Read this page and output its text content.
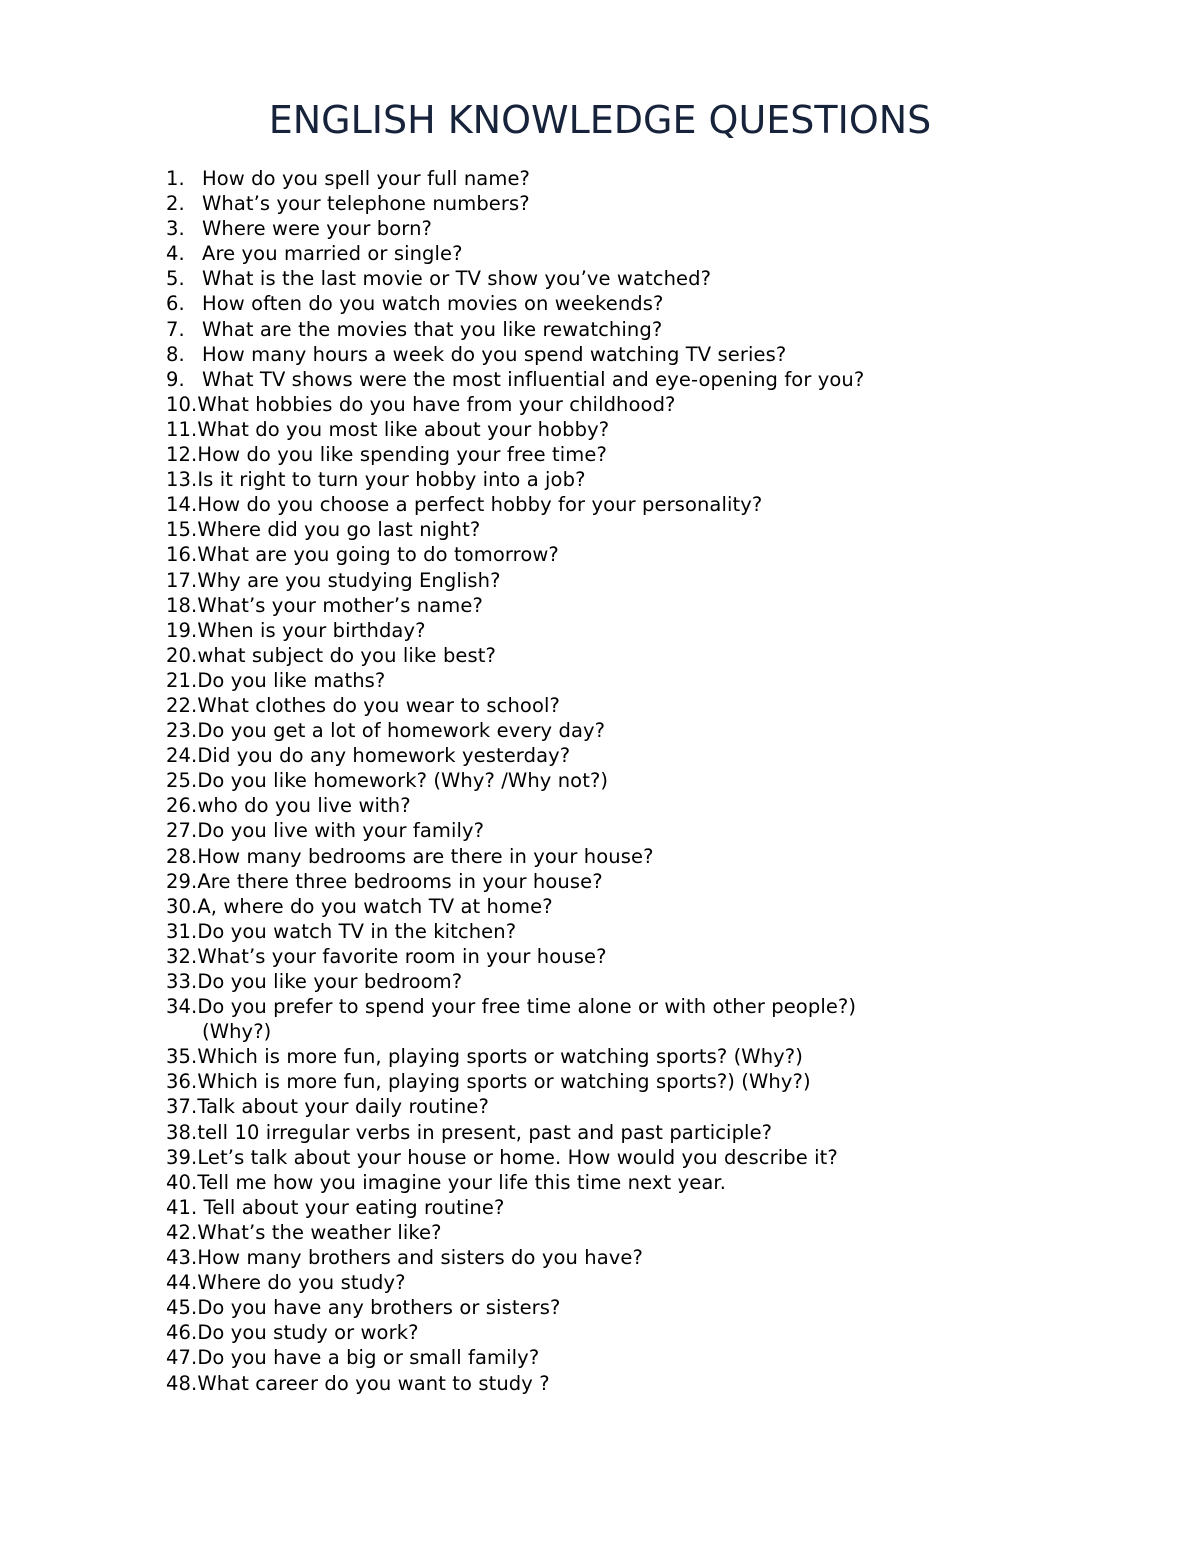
ENGLISH KNOWLEDGE QUESTIONS
1. How do you spell your full name?
2. What’s your telephone numbers?
3. Where were your born?
4. Are you married or single?
5. What is the last movie or TV show you’ve watched?
6. How often do you watch movies on weekends?
7. What are the movies that you like rewatching?
8. How many hours a week do you spend watching TV series?
9. What TV shows were the most influential and eye-opening for you?
10.What hobbies do you have from your childhood?
11.What do you most like about your hobby?
12.How do you like spending your free time?
13.Is it right to turn your hobby into a job?
14.How do you choose a perfect hobby for your personality?
15.Where did you go last night?
16.What are you going to do tomorrow?
17.Why are you studying English?
18.What’s your mother’s name?
19.When is your birthday?
20.what subject do you like best?
21.Do you like maths?
22.What clothes do you wear to school?
23.Do you get a lot of homework every day?
24.Did you do any homework yesterday?
25.Do you like homework? (Why? /Why not?)
26.who do you live with?
27.Do you live with your family?
28.How many bedrooms are there in your house?
29.Are there three bedrooms in your house?
30.A, where do you watch TV at home?
31.Do you watch TV in the kitchen?
32.What’s your favorite room in your house?
33.Do you like your bedroom?
34.Do you prefer to spend your free time alone or with other people?)
(Why?)
35.Which is more fun, playing sports or watching sports? (Why?)
36.Which is more fun, playing sports or watching sports?) (Why?)
37.Talk about your daily routine?
38.tell 10 irregular verbs in present, past and past participle?
39.Let’s talk about your house or home. How would you describe it?
40.Tell me how you imagine your life this time next year.
41. Tell about your eating routine?
42.What’s the weather like?
43.How many brothers and sisters do you have?
44.Where do you study?
45.Do you have any brothers or sisters?
46.Do you study or work?
47.Do you have a big or small family?
48.What career do you want to study ?
